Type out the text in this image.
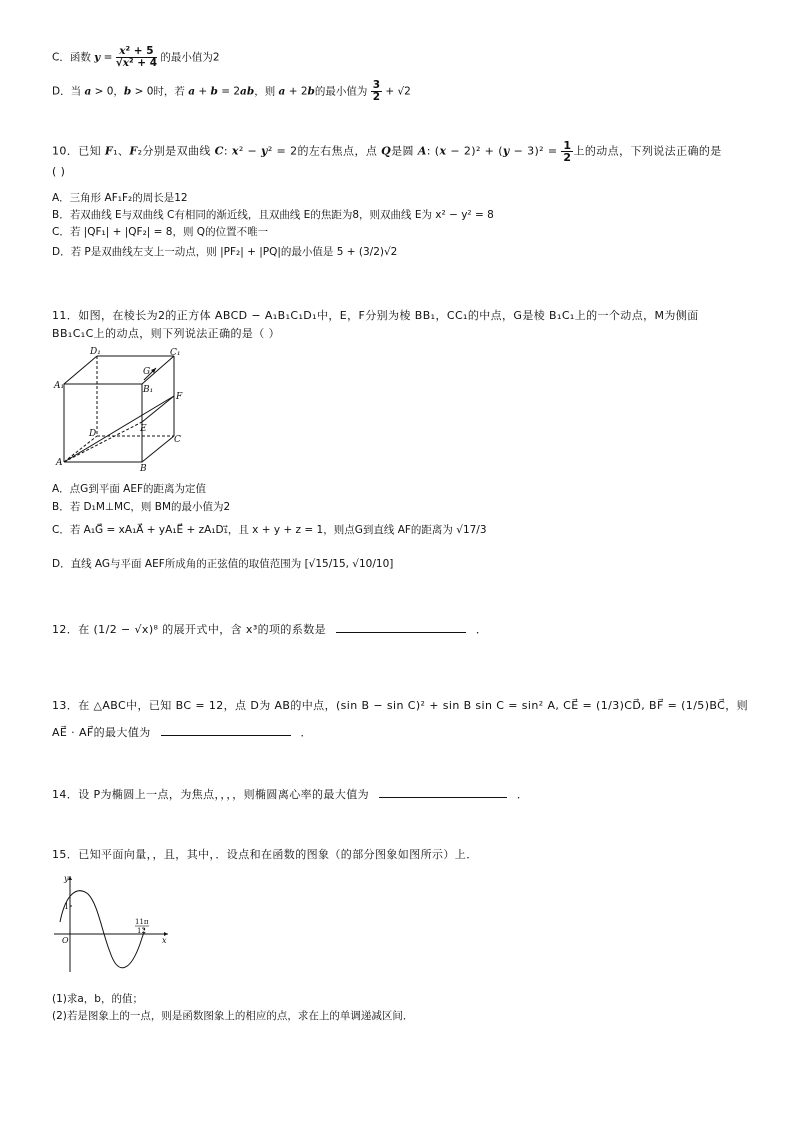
C．函数 $y = \frac{\text{x² + 5}}{\text{√x² + 4}}$ 的最小值为2
D．当 a > 0，b > 0时，若 a + b = 2ab，则 a + 2b的最小值为 $\frac{3}{2} + √2$
10．已知 F₁、F₂分别是双曲线 C: x² − y² = 2的左右焦点，点 Q是圆 A: $(x - 2)^2 + (y - 3)^2 = \frac{1}{2}$ 上的动点，下列说法正确的是
( )
A．三角形 AF₁F₂的周长是12
B．若双曲线 E与双曲线 C有相同的渐近线，且双曲线 E的焦距为8，则双曲线 E为 x² − y² = 8
C．若 |QF₁| + |QF₂| = 8，则 Q的位置不唯一
D．若 P是双曲线左支上一动点，则 |PF₂| + |PQ|的最小值是 5 + (3/2)√2
11．如图，在棱长为2的正方体 ABCD − A₁B₁C₁D₁中，E，F分别为棱 BB₁，CC₁的中点，G是棱 B₁C₁上的一个动点，M为侧面
BB₁C₁C上的动点，则下列说法正确的是（ ）
D₁	C₁
A₁	B₁
G
F
D	E
C
A
B
A．点G到平面 AEF的距离为定值
B．若 D₁M⊥MC，则 BM的最小值为2
C．若 A₁G⃗ = xA₁A⃗ + yA₁E⃗ + zA₁D₁⃗，且 x + y + z = 1，则点G到直线 AF的距离为 √17/3
D．直线 AG与平面 AEF所成角的正弦值的取值范围为 [√15/15, √10/10]
12．在 (1/2 − √x)⁸ 的展开式中，含 x³的项的系数是	．
13．在 △ABC中，已知 BC = 12，点 D为 AB的中点，(sin B − sin C)² + sin B sin C = sin² A, CE⃗ = (1/3)CD⃗, BF⃗ = (1/5)BC⃗，则
AE⃗ · AF⃗的最大值为	．
14．设 P为椭圆上一点，为焦点，，，，则椭圆离心率的最大值为	．
15．已知平面向量，，且，其中，．设点和在函数的图象（的部分图象如图所示）上．
y
1
O	x
11π
12
(1)求a，b，的值；
(2)若是图象上的一点，则是函数图象上的相应的点，求在上的单调递减区间．
